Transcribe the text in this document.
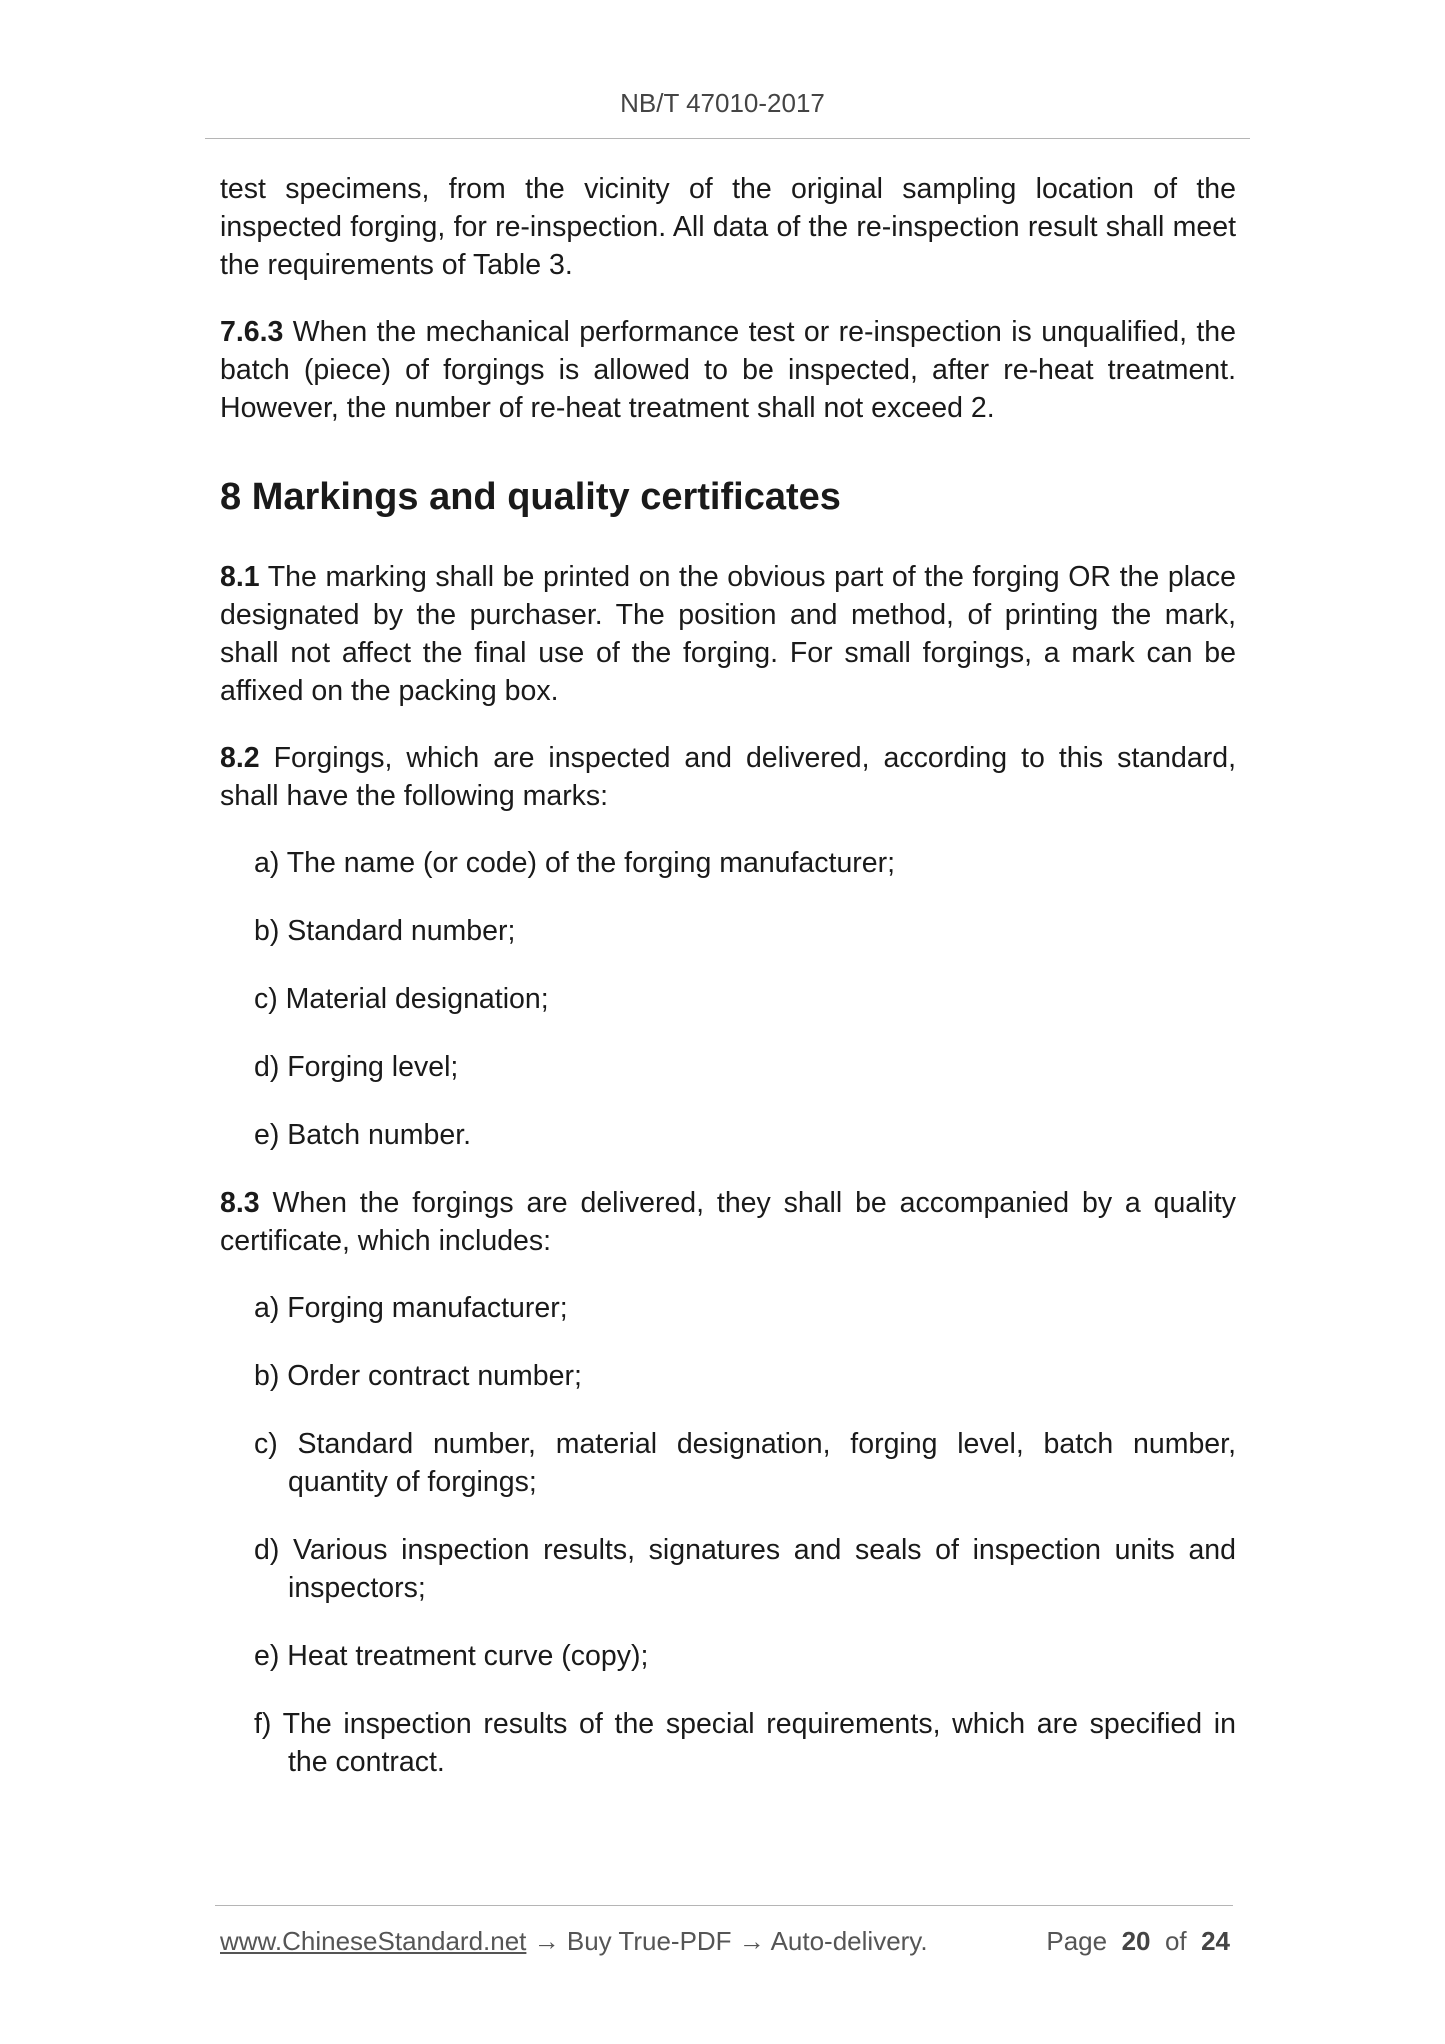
NB/T 47010-2017

test specimens, from the vicinity of the original sampling location of the inspected forging, for re-inspection. All data of the re-inspection result shall meet the requirements of Table 3.

7.6.3 When the mechanical performance test or re-inspection is unqualified, the batch (piece) of forgings is allowed to be inspected, after re-heat treatment. However, the number of re-heat treatment shall not exceed 2.

8 Markings and quality certificates

8.1 The marking shall be printed on the obvious part of the forging OR the place designated by the purchaser. The position and method, of printing the mark, shall not affect the final use of the forging. For small forgings, a mark can be affixed on the packing box.

8.2 Forgings, which are inspected and delivered, according to this standard, shall have the following marks:

a) The name (or code) of the forging manufacturer;

b) Standard number;

c) Material designation;

d) Forging level;

e) Batch number.

8.3 When the forgings are delivered, they shall be accompanied by a quality certificate, which includes:

a) Forging manufacturer;

b) Order contract number;

c) Standard number, material designation, forging level, batch number, quantity of forgings;

d) Various inspection results, signatures and seals of inspection units and inspectors;

e) Heat treatment curve (copy);

f) The inspection results of the special requirements, which are specified in the contract.

www.ChineseStandard.net → Buy True-PDF → Auto-delivery.	Page 20 of 24
